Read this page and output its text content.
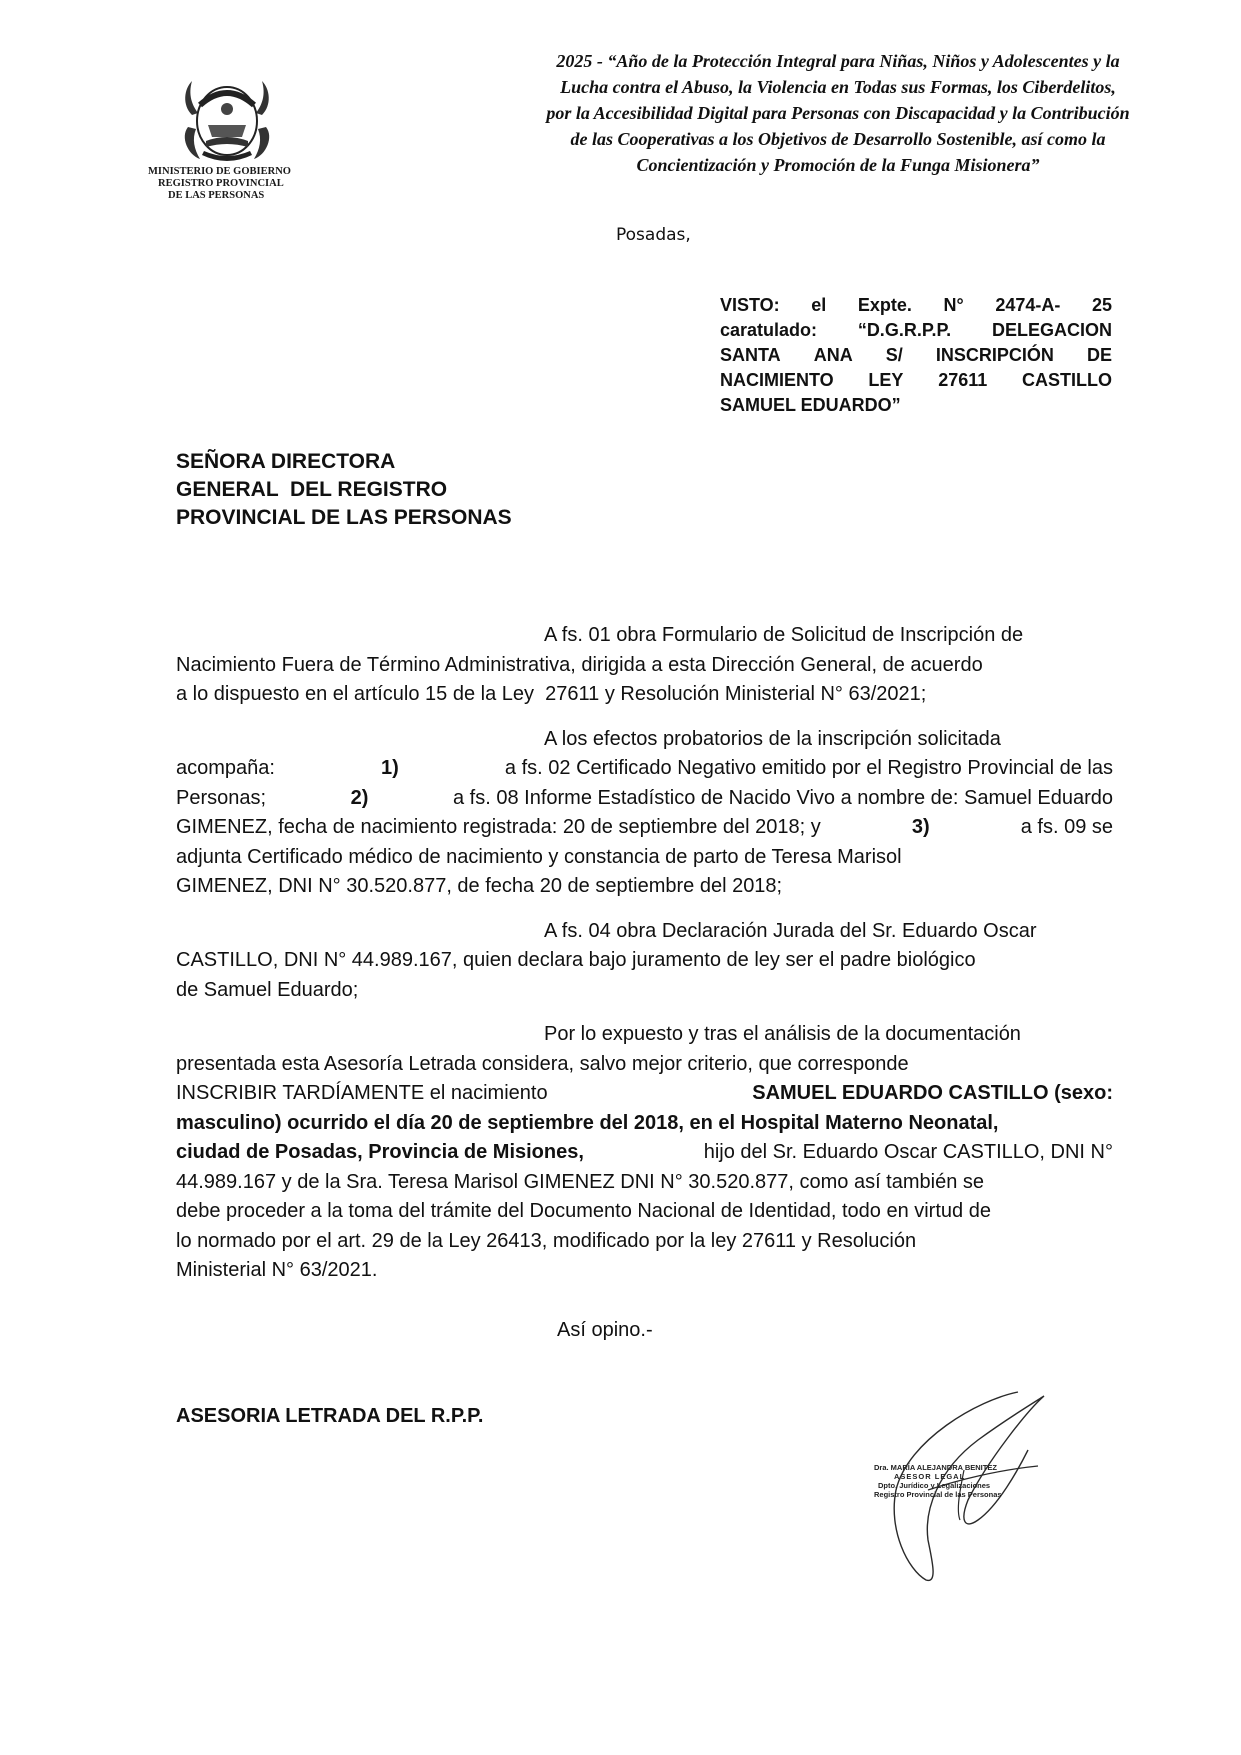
PROVINCIA DE MISIONES
MINISTERIO DE GOBIERNO
REGISTRO PROVINCIAL
DE LAS PERSONAS
2025 - “Año de la Protección Integral para Niñas, Niños y Adolescentes y la
Lucha contra el Abuso, la Violencia en Todas sus Formas, los Ciberdelitos,
por la Accesibilidad Digital para Personas con Discapacidad y la Contribución
de las Cooperativas a los Objetivos de Desarrollo Sostenible, así como la
Concientización y Promoción de la Funga Misionera”
Posadas,
VISTO: el Expte. N° 2474-A- 25
caratulado: “D.G.R.P.P. DELEGACION
SANTA ANA S/ INSCRIPCIÓN DE
NACIMIENTO LEY 27611 CASTILLO
SAMUEL EDUARDO”
SEÑORA DIRECTORA
GENERAL  DEL REGISTRO
PROVINCIAL DE LAS PERSONAS
A fs. 01 obra Formulario de Solicitud de Inscripción de
Nacimiento Fuera de Término Administrativa, dirigida a esta Dirección General, de acuerdo
a lo dispuesto en el artículo 15 de la Ley  27611 y Resolución Ministerial N° 63/2021;
A los efectos probatorios de la inscripción solicitada
acompaña:	1)	a fs. 02 Certificado Negativo emitido por el Registro Provincial de las
Personas;	2)	a fs. 08 Informe Estadístico de Nacido Vivo a nombre de: Samuel Eduardo
GIMENEZ, fecha de nacimiento registrada: 20 de septiembre del 2018; y	3)	a fs. 09 se
adjunta Certificado médico de nacimiento y constancia de parto de Teresa Marisol
GIMENEZ, DNI N° 30.520.877, de fecha 20 de septiembre del 2018;
A fs. 04 obra Declaración Jurada del Sr. Eduardo Oscar
CASTILLO, DNI N° 44.989.167, quien declara bajo juramento de ley ser el padre biológico
de Samuel Eduardo;
Por lo expuesto y tras el análisis de la documentación
presentada esta Asesoría Letrada considera, salvo mejor criterio, que corresponde
INSCRIBIR TARDÍAMENTE el nacimiento	SAMUEL EDUARDO CASTILLO (sexo:
masculino) ocurrido el día 20 de septiembre del 2018, en el Hospital Materno Neonatal,
ciudad de Posadas, Provincia de Misiones,	hijo del Sr. Eduardo Oscar CASTILLO, DNI N°
44.989.167 y de la Sra. Teresa Marisol GIMENEZ DNI N° 30.520.877, como así también se
debe proceder a la toma del trámite del Documento Nacional de Identidad, todo en virtud de
lo normado por el art. 29 de la Ley 26413, modificado por la ley 27611 y Resolución
Ministerial N° 63/2021.
Así opino.-
ASESORIA LETRADA DEL R.P.P.
Dra. MARÍA ALEJANDRA BENITEZ
ASESOR LEGAL
Dpto. Jurídico y Legalizaciones
Registro Provincial de las Personas
